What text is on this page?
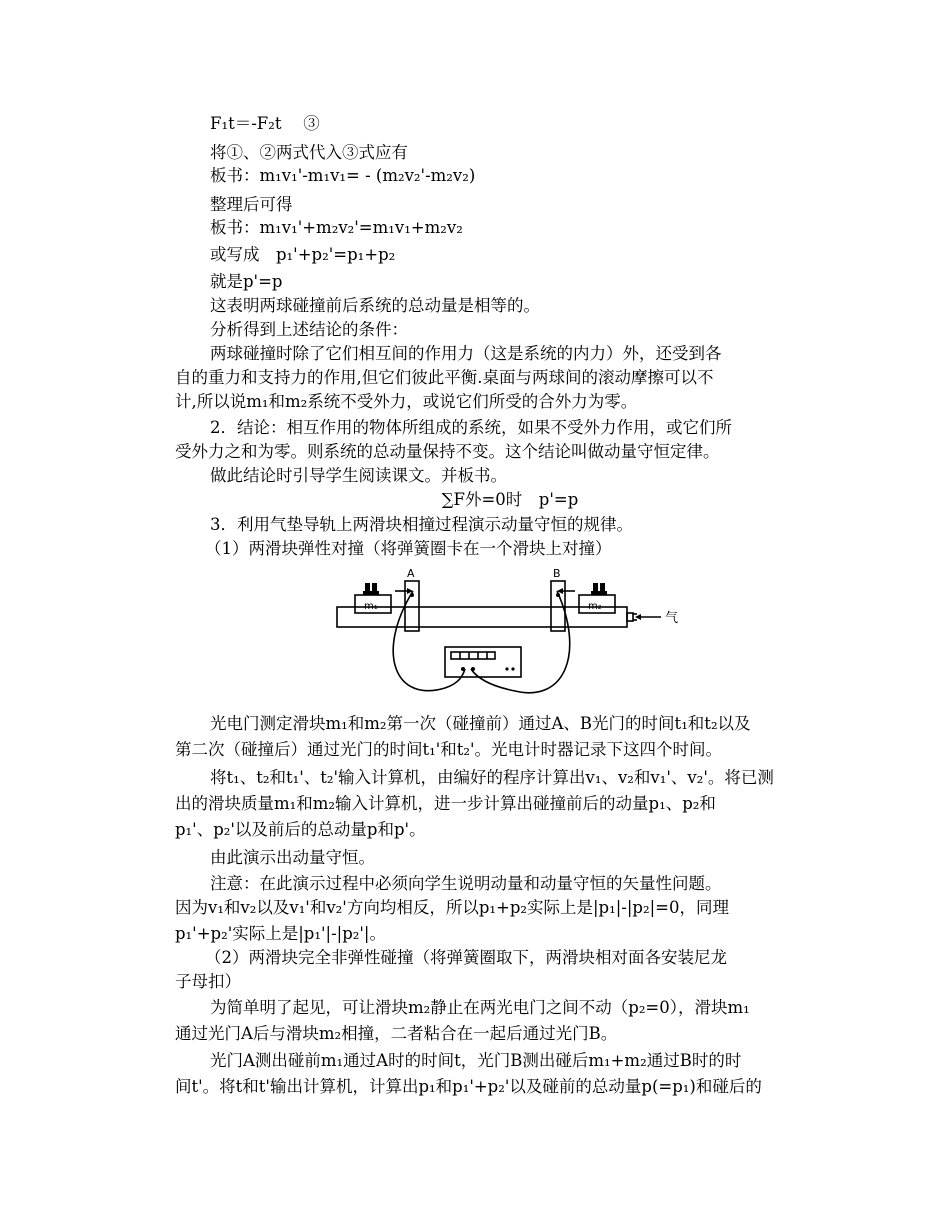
F₁t＝-F₂t　 ③
将①、②两式代入③式应有
板书：m₁v₁'-m₁v₁= - (m₂v₂'-m₂v₂)
整理后可得
板书：m₁v₁'+m₂v₂'=m₁v₁+m₂v₂
或写成　p₁'+p₂'=p₁+p₂
就是p'=p
这表明两球碰撞前后系统的总动量是相等的。
分析得到上述结论的条件：
两球碰撞时除了它们相互间的作用力（这是系统的内力）外，还受到各
自的重力和支持力的作用,但它们彼此平衡.桌面与两球间的滚动摩擦可以不
计,所以说m₁和m₂系统不受外力，或说它们所受的合外力为零。
2．结论：相互作用的物体所组成的系统，如果不受外力作用，或它们所
受外力之和为零。则系统的总动量保持不变。这个结论叫做动量守恒定律。
做此结论时引导学生阅读课文。并板书。
∑F外=0时　p'=p
3．利用气垫导轨上两滑块相撞过程演示动量守恒的规律。
（1）两滑块弹性对撞（将弹簧圈卡在一个滑块上对撞）
A	B
m₁	m₂
气
光电门测定滑块m₁和m₂第一次（碰撞前）通过A、B光门的时间t₁和t₂以及
第二次（碰撞后）通过光门的时间t₁'和t₂'。光电计时器记录下这四个时间。
将t₁、t₂和t₁'、t₂'输入计算机，由编好的程序计算出v₁、v₂和v₁'、v₂'。将已测
出的滑块质量m₁和m₂输入计算机，进一步计算出碰撞前后的动量p₁、p₂和
p₁'、p₂'以及前后的总动量p和p'。
由此演示出动量守恒。
注意：在此演示过程中必须向学生说明动量和动量守恒的矢量性问题。
因为v₁和v₂以及v₁'和v₂'方向均相反，所以p₁+p₂实际上是|p₁|-|p₂|=0，同理
p₁'+p₂'实际上是|p₁'|-|p₂'|。
（2）两滑块完全非弹性碰撞（将弹簧圈取下，两滑块相对面各安装尼龙
子母扣）
为简单明了起见，可让滑块m₂静止在两光电门之间不动（p₂=0），滑块m₁
通过光门A后与滑块m₂相撞，二者粘合在一起后通过光门B。
光门A测出碰前m₁通过A时的时间t，光门B测出碰后m₁+m₂通过B时的时
间t'。将t和t'输出计算机，计算出p₁和p₁'+p₂'以及碰前的总动量p(=p₁)和碰后的
